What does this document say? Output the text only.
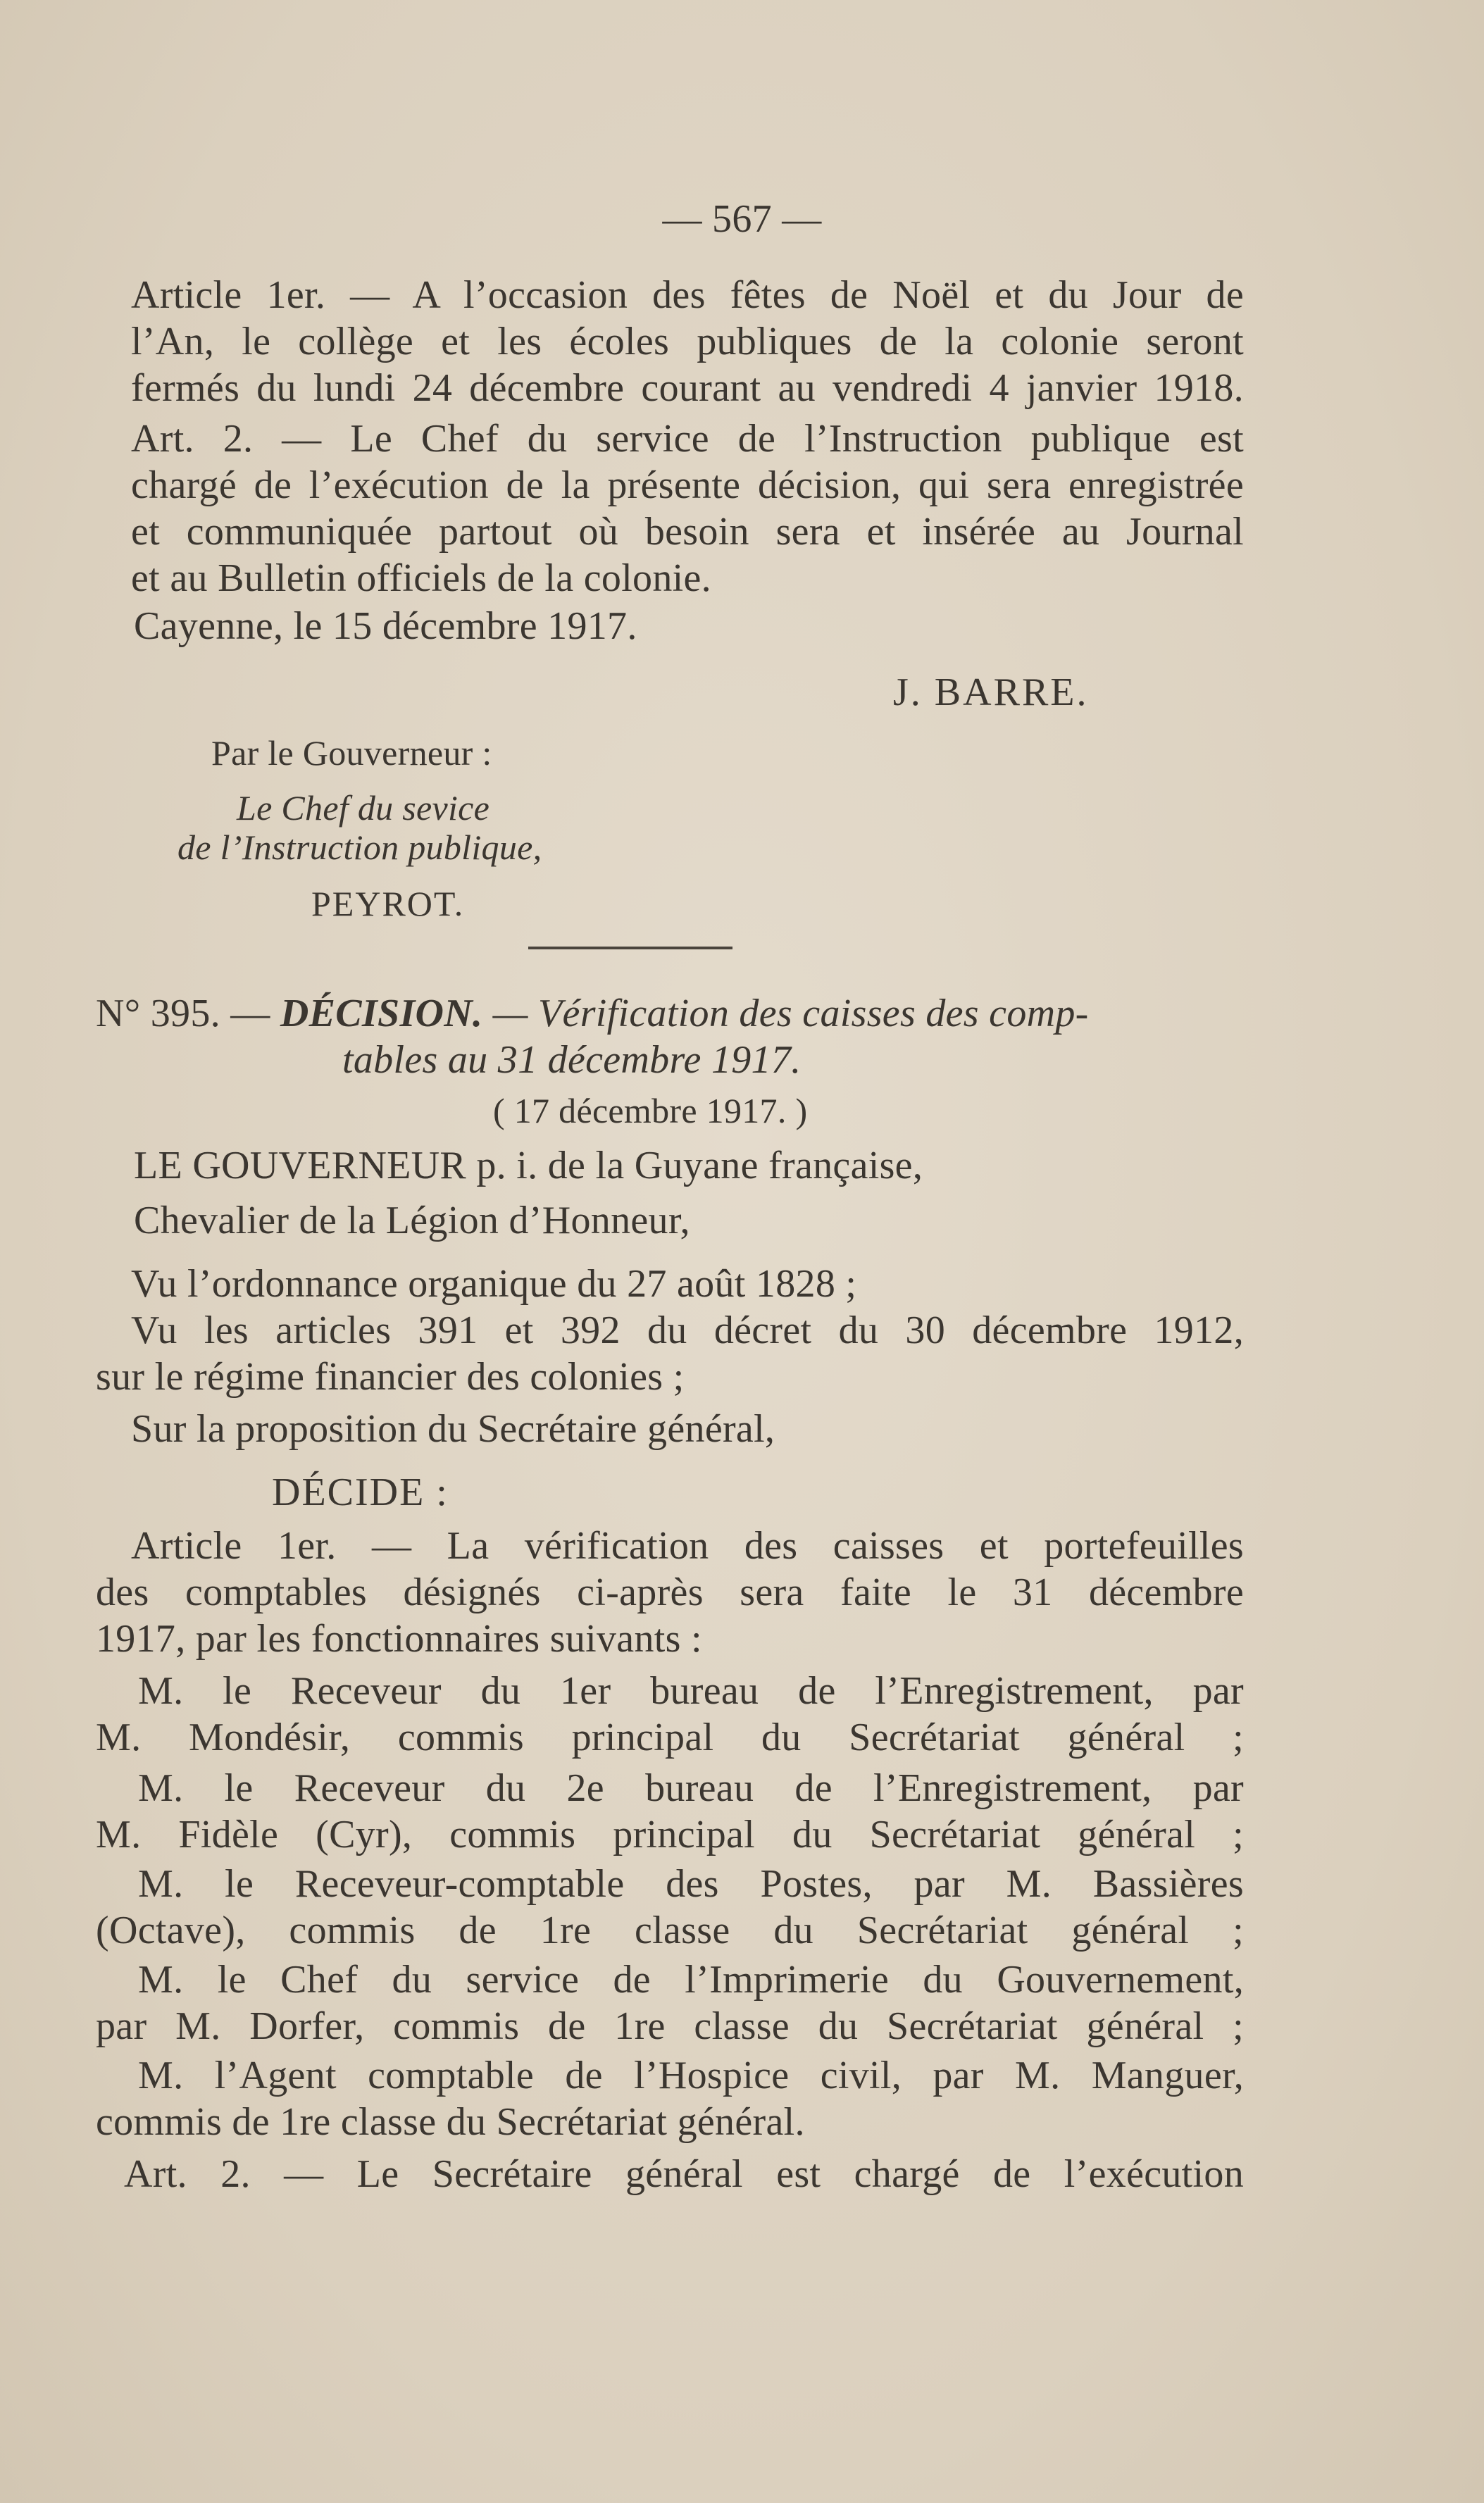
— 567 —
Article 1er. — A l’occasion des fêtes de Noël et du Jour de
l’An, le collège et les écoles publiques de la colonie seront
fermés du lundi 24 décembre courant au vendredi 4 janvier 1918.
Art. 2. — Le Chef du service de l’Instruction publique est
chargé de l’exécution de la présente décision, qui sera enregistrée
et communiquée partout où besoin sera et insérée au Journal
et au Bulletin officiels de la colonie.
Cayenne, le 15 décembre 1917.
J. BARRE.
Par le Gouverneur :
Le Chef du sevice
de l’Instruction publique,
PEYROT.
N° 395. — DÉCISION. — Vérification des caisses des comp-
tables au 31 décembre 1917.
( 17 décembre 1917. )
LE GOUVERNEUR p. i. de la Guyane française,
Chevalier de la Légion d’Honneur,
Vu l’ordonnance organique du 27 août 1828 ;
Vu les articles 391 et 392 du décret du 30 décembre 1912,
sur le régime financier des colonies ;
Sur la proposition du Secrétaire général,
DÉCIDE :
Article 1er. — La vérification des caisses et portefeuilles
des comptables désignés ci-après sera faite le 31 décembre
1917, par les fonctionnaires suivants :
M. le Receveur du 1er bureau de l’Enregistrement, par
M. Mondésir, commis principal du Secrétariat général ;
M. le Receveur du 2e bureau de l’Enregistrement, par
M. Fidèle (Cyr), commis principal du Secrétariat général ;
M. le Receveur-comptable des Postes, par M. Bassières
(Octave), commis de 1re classe du Secrétariat général ;
M. le Chef du service de l’Imprimerie du Gouvernement,
par M. Dorfer, commis de 1re classe du Secrétariat général ;
M. l’Agent comptable de l’Hospice civil, par M. Manguer,
commis de 1re classe du Secrétariat général.
Art. 2. — Le Secrétaire général est chargé de l’exécution
